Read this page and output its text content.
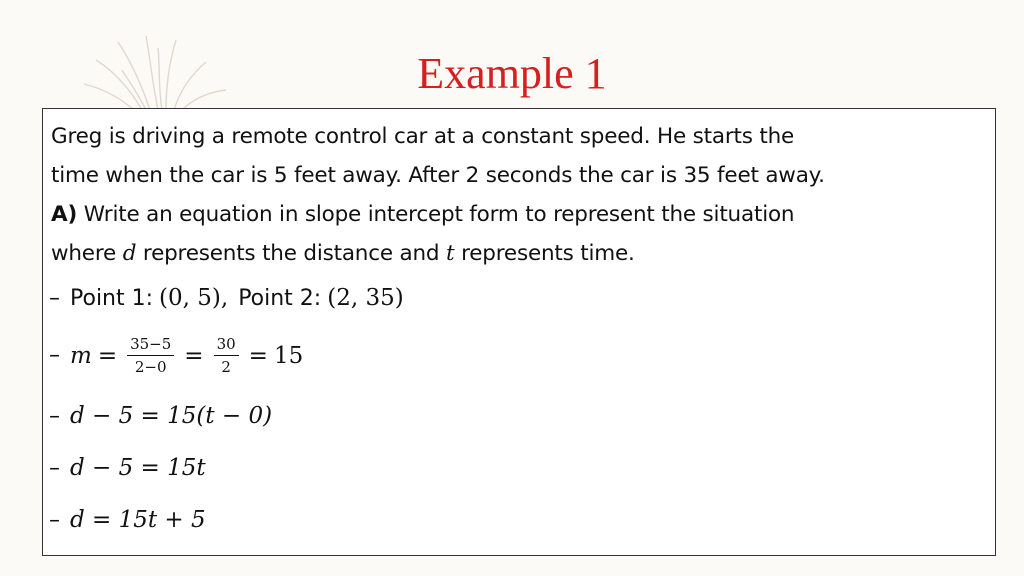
Example 1
Greg is driving a remote control car at a constant speed. He starts the
time when the car is 5 feet away. After 2 seconds the car is 35 feet away.
A) Write an equation in slope intercept form to represent the situation
where d represents the distance and t represents time.
– Point 1: (0, 5), Point 2: (2, 35)
– $m = \frac{35-5}{2-0} = \frac{30}{2} = 15$
– d − 5 = 15(t − 0)
– d − 5 = 15t
– d = 15t + 5
